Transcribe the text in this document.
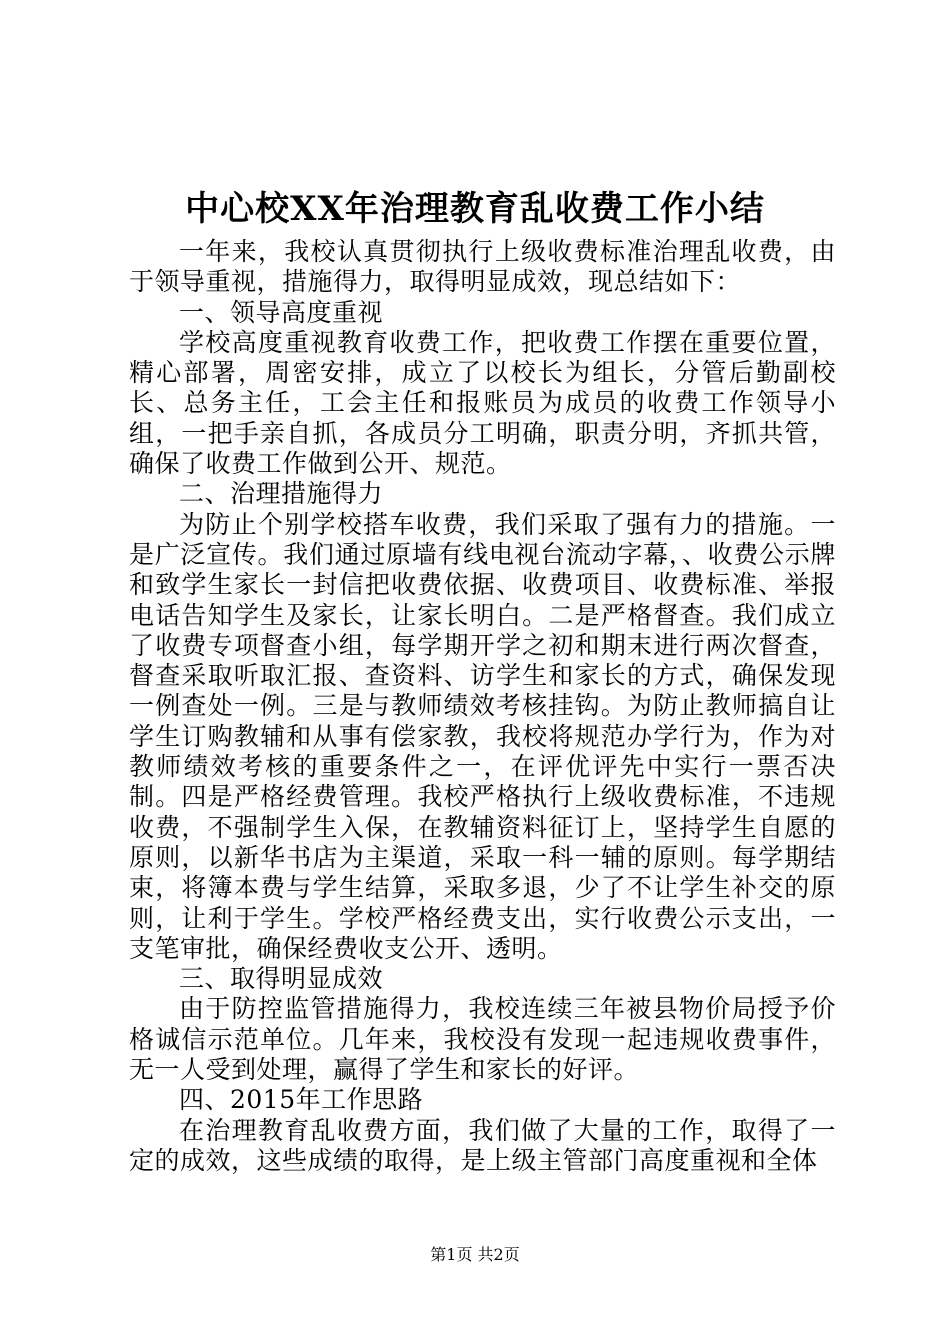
中心校XX年治理教育乱收费工作小结

一年来，我校认真贯彻执行上级收费标准治理乱收费，由于领导重视，措施得力，取得明显成效，现总结如下：

一、领导高度重视

学校高度重视教育收费工作，把收费工作摆在重要位置，精心部署，周密安排，成立了以校长为组长，分管后勤副校长、总务主任，工会主任和报账员为成员的收费工作领导小组，一把手亲自抓，各成员分工明确，职责分明，齐抓共管，确保了收费工作做到公开、规范。

二、治理措施得力

为防止个别学校搭车收费，我们采取了强有力的措施。一是广泛宣传。我们通过原墙有线电视台流动字幕，、收费公示牌和致学生家长一封信把收费依据、收费项目、收费标准、举报电话告知学生及家长，让家长明白。二是严格督查。我们成立了收费专项督查小组，每学期开学之初和期末进行两次督查，督查采取听取汇报、查资料、访学生和家长的方式，确保发现一例查处一例。三是与教师绩效考核挂钩。为防止教师搞自让学生订购教辅和从事有偿家教，我校将规范办学行为，作为对教师绩效考核的重要条件之一，在评优评先中实行一票否决制。四是严格经费管理。我校严格执行上级收费标准，不违规收费，不强制学生入保，在教辅资料征订上，坚持学生自愿的原则，以新华书店为主渠道，采取一科一辅的原则。每学期结束，将簿本费与学生结算，采取多退，少了不让学生补交的原则，让利于学生。学校严格经费支出，实行收费公示支出，一支笔审批，确保经费收支公开、透明。

三、取得明显成效

由于防控监管措施得力，我校连续三年被县物价局授予价格诚信示范单位。几年来，我校没有发现一起违规收费事件，无一人受到处理，赢得了学生和家长的好评。

四、2015年工作思路

在治理教育乱收费方面，我们做了大量的工作，取得了一定的成效，这些成绩的取得，是上级主管部门高度重视和全体

第1页 共2页
